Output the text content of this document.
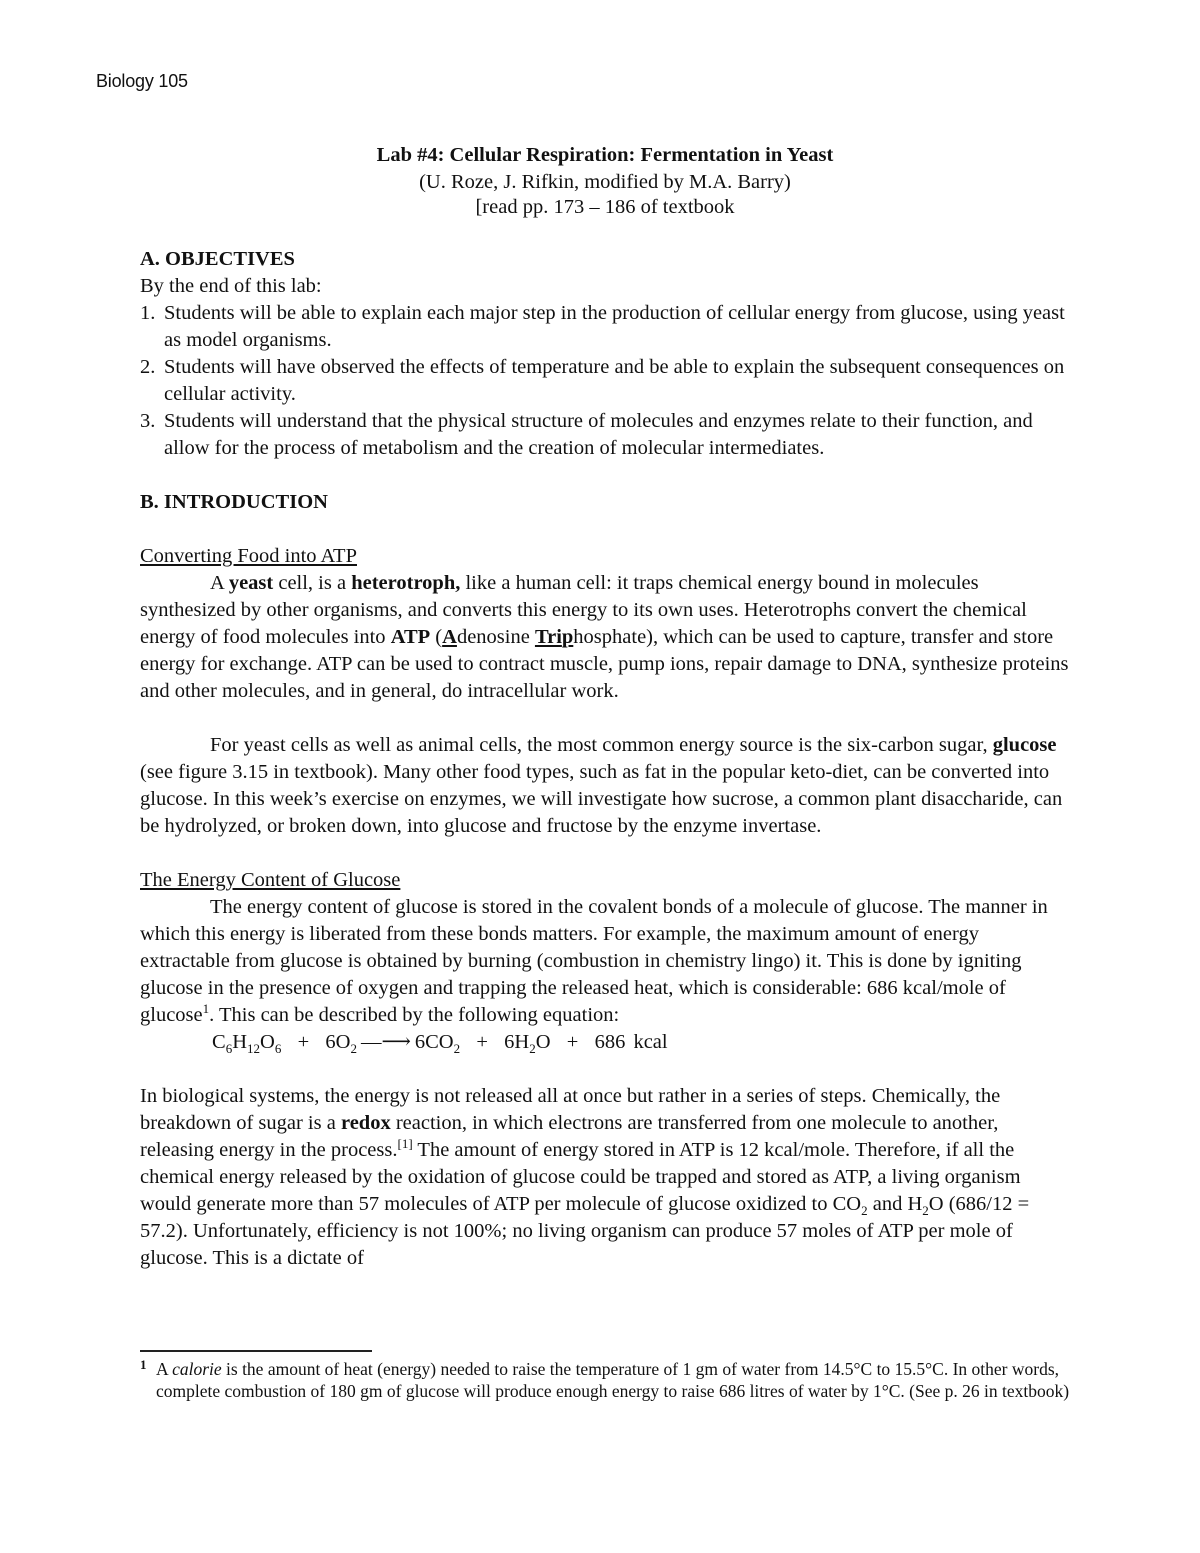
Biology 105
Lab #4: Cellular Respiration: Fermentation in Yeast
(U. Roze, J. Rifkin, modified by M.A. Barry)
[read pp. 173 – 186 of textbook
A. OBJECTIVES
By the end of this lab:
1. Students will be able to explain each major step in the production of cellular energy from glucose, using yeast as model organisms.
2. Students will have observed the effects of temperature and be able to explain the subsequent consequences on cellular activity.
3. Students will understand that the physical structure of molecules and enzymes relate to their function, and allow for the process of metabolism and the creation of molecular intermediates.
B. INTRODUCTION
Converting Food into ATP

A yeast cell, is a heterotroph, like a human cell: it traps chemical energy bound in molecules synthesized by other organisms, and converts this energy to its own uses. Heterotrophs convert the chemical energy of food molecules into ATP (Adenosine Triphosphate), which can be used to capture, transfer and store energy for exchange. ATP can be used to contract muscle, pump ions, repair damage to DNA, synthesize proteins and other molecules, and in general, do intracellular work.

For yeast cells as well as animal cells, the most common energy source is the six-carbon sugar, glucose (see figure 3.15 in textbook). Many other food types, such as fat in the popular keto-diet, can be converted into glucose. In this week’s exercise on enzymes, we will investigate how sucrose, a common plant disaccharide, can be hydrolyzed, or broken down, into glucose and fructose by the enzyme invertase.

The Energy Content of Glucose

The energy content of glucose is stored in the covalent bonds of a molecule of glucose. The manner in which this energy is liberated from these bonds matters. For example, the maximum amount of energy extractable from glucose is obtained by burning (combustion in chemistry lingo) it. This is done by igniting glucose in the presence of oxygen and trapping the released heat, which is considerable: 686 kcal/mole of glucose$^1$. This can be described by the following equation:

$C_6H_{12}O_6 + 6O_2$ —⟶ $6CO_2 + 6H_2O + 686$ kcal

In biological systems, the energy is not released all at once but rather in a series of steps. Chemically, the breakdown of sugar is a redox reaction, in which electrons are transferred from one molecule to another, releasing energy in the process.[1] The amount of energy stored in ATP is 12 kcal/mole. Therefore, if all the chemical energy released by the oxidation of glucose could be trapped and stored as ATP, a living organism would generate more than 57 molecules of ATP per molecule of glucose oxidized to $CO_2$ and $H_2O$ (686/12 = 57.2). Unfortunately, efficiency is not 100%; no living organism can produce 57 moles of ATP per mole of glucose. This is a dictate of

1 A calorie is the amount of heat (energy) needed to raise the temperature of 1 gm of water from 14.5°C to 15.5°C. In other words, complete combustion of 180 gm of glucose will produce enough energy to raise 686 litres of water by 1°C. (See p. 26 in textbook)
